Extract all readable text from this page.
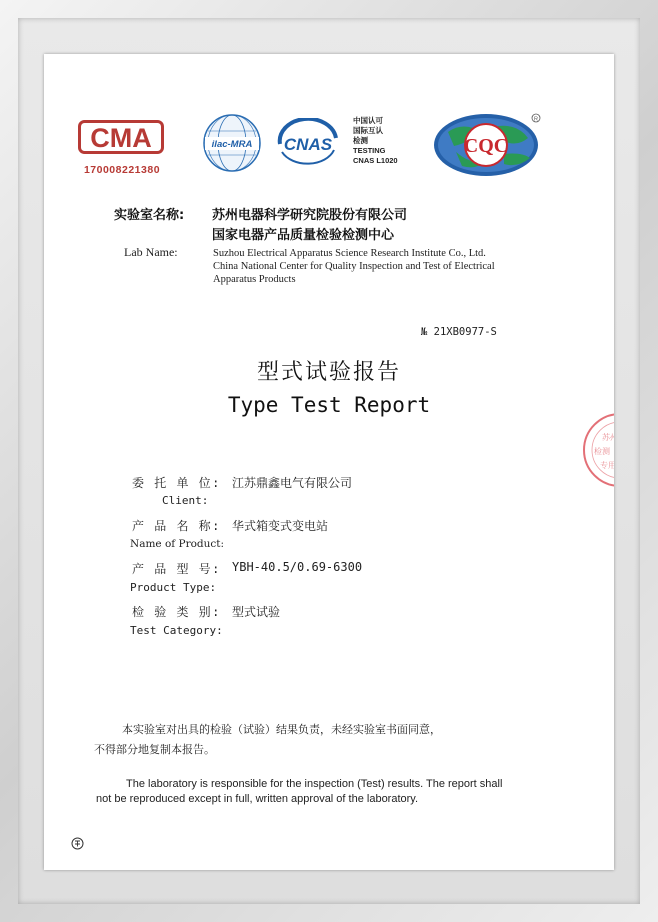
CMA
170008221380
ilac-MRA CNAS
中国认可
国际互认
检测
TESTING
CNAS L1020
CQC
R
实验室名称: 苏州电器科学研究院股份有限公司
国家电器产品质量检验检测中心
Lab Name:	Suzhou Electrical Apparatus Science Research Institute Co., Ltd.
China National Center for Quality Inspection and Test of Electrical
Apparatus Products
№ 21XB0977-S
型式试验报告
Type Test Report
委 托 单 位: 江苏鼎鑫电气有限公司
Client:
产 品 名 称: 华式箱变式变电站
Name of Product:
产 品 型 号: YBH-40.5/0.69-6300
Product Type:
检 验 类 别: 型式试验
Test Category:
本实验室对出具的检验（试验）结果负责，未经实验室书面同意，
不得部分地复制本报告。
The laboratory is responsible for the inspection (Test) results. The report shall
not be reproduced except in full, written approval of the laboratory.
苏州
检测
专用
